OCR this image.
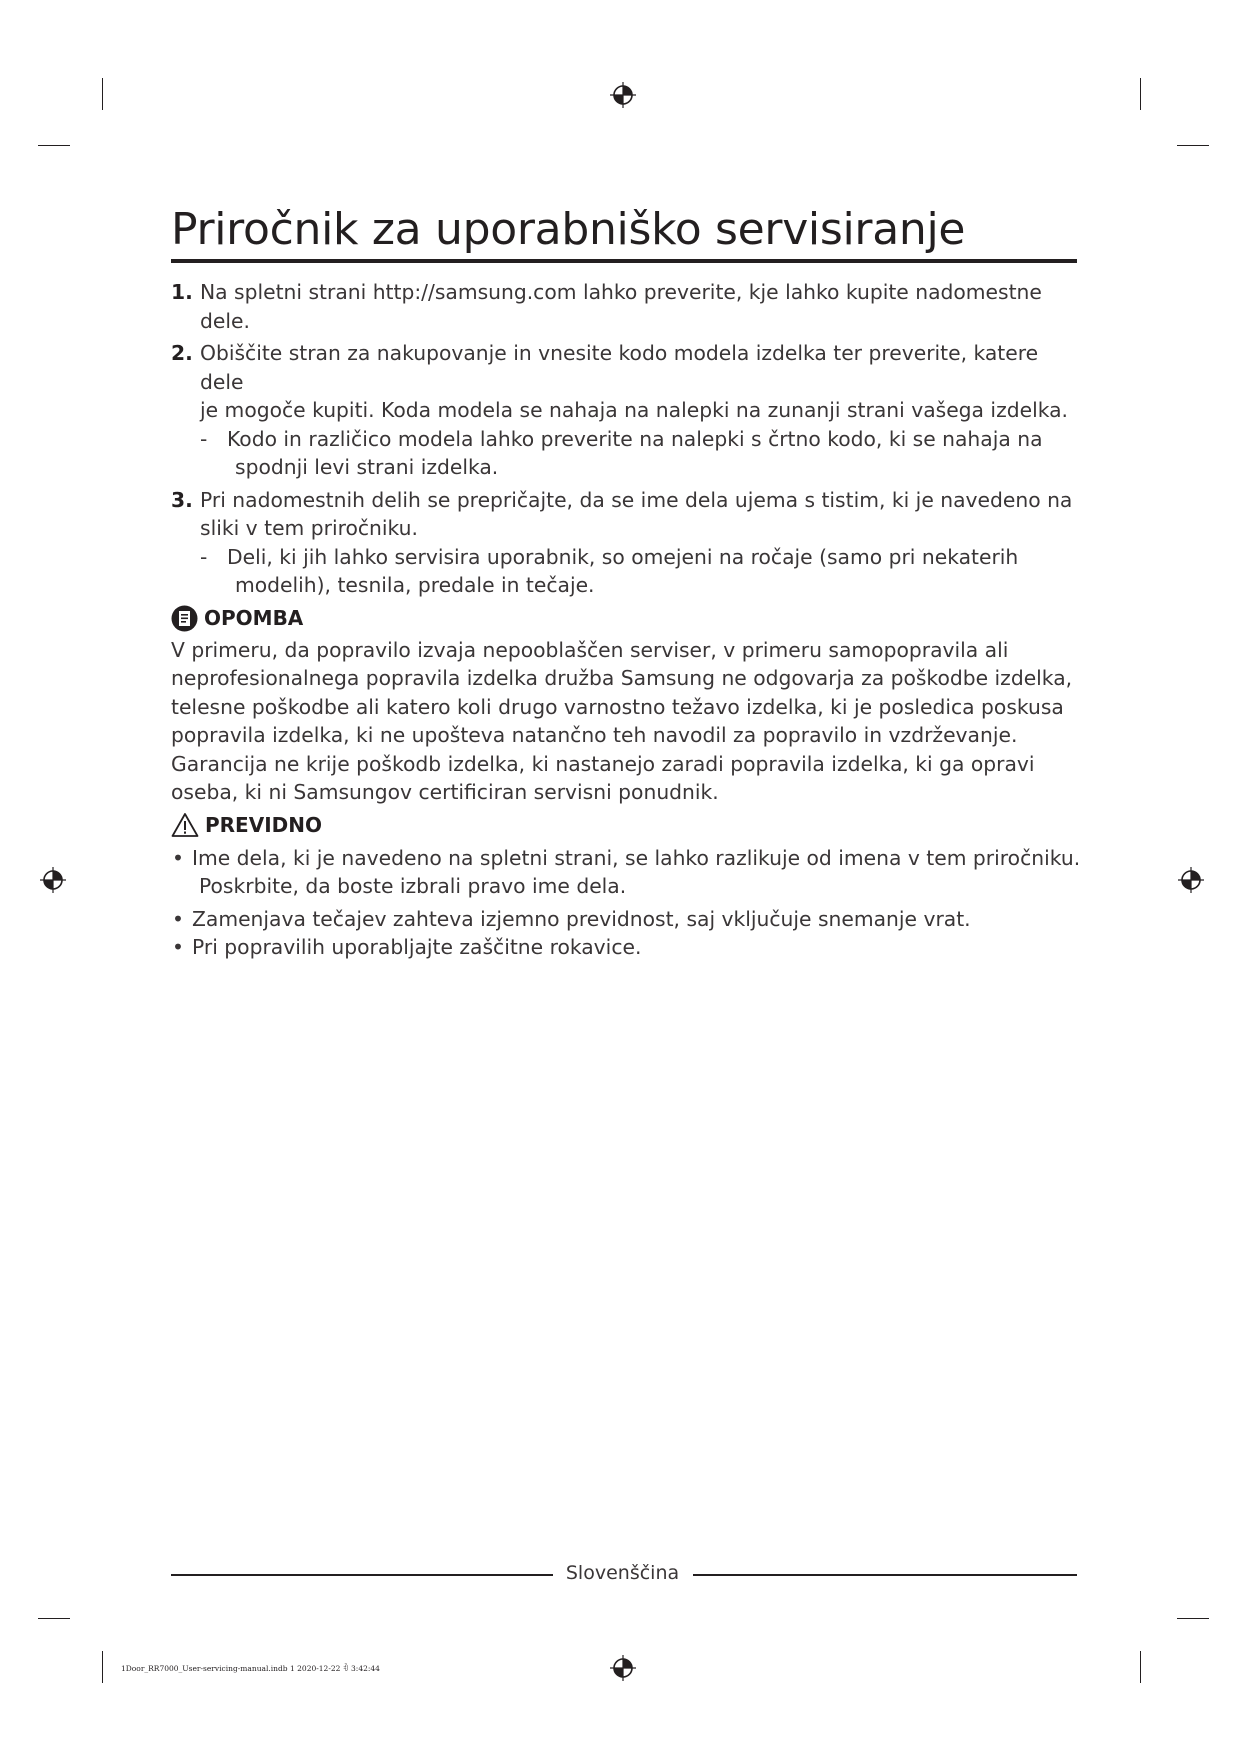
Priročnik za uporabniško servisiranje
1. Na spletni strani http://samsung.com lahko preverite, kje lahko kupite nadomestne dele.
2. Obiščite stran za nakupovanje in vnesite kodo modela izdelka ter preverite, katere dele
je mogoče kupiti. Koda modela se nahaja na nalepki na zunanji strani vašega izdelka.
- Kodo in različico modela lahko preverite na nalepki s črtno kodo, ki se nahaja na
spodnji levi strani izdelka.
3. Pri nadomestnih delih se prepričajte, da se ime dela ujema s tistim, ki je navedeno na
sliki v tem priročniku.
- Deli, ki jih lahko servisira uporabnik, so omejeni na ročaje (samo pri nekaterih
modelih), tesnila, predale in tečaje.
OPOMBA
V primeru, da popravilo izvaja nepooblaščen serviser, v primeru samopopravila ali
neprofesionalnega popravila izdelka družba Samsung ne odgovarja za poškodbe izdelka,
telesne poškodbe ali katero koli drugo varnostno težavo izdelka, ki je posledica poskusa
popravila izdelka, ki ne upošteva natančno teh navodil za popravilo in vzdrževanje.
Garancija ne krije poškodb izdelka, ki nastanejo zaradi popravila izdelka, ki ga opravi
oseba, ki ni Samsungov certificiran servisni ponudnik.
PREVIDNO
• Ime dela, ki je navedeno na spletni strani, se lahko razlikuje od imena v tem priročniku.
Poskrbite, da boste izbrali pravo ime dela.
• Zamenjava tečajev zahteva izjemno previdnost, saj vključuje snemanje vrat.
• Pri popravilih uporabljajte zaščitne rokavice.
Slovenščina
1Door_RR7000_User-servicing-manual.indb 1 2020-12-22 ꊘ 3:42:44
